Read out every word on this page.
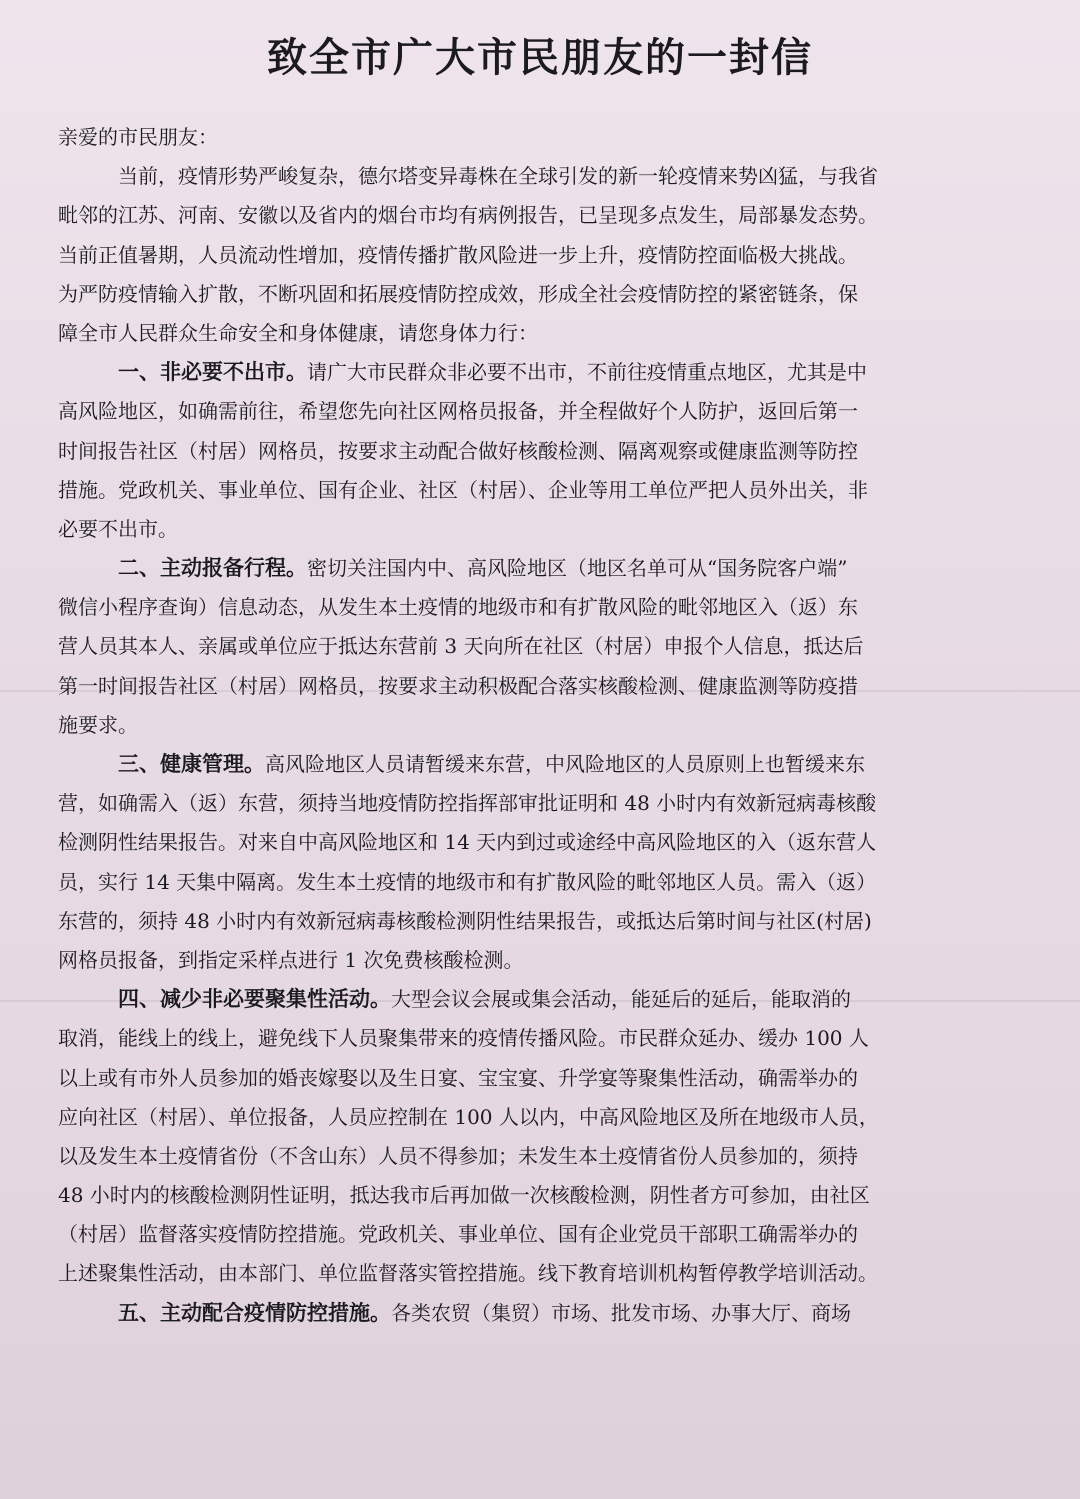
致全市广大市民朋友的一封信
亲爱的市民朋友：
当前，疫情形势严峻复杂，德尔塔变异毒株在全球引发的新一轮疫情来势凶猛，与我省
毗邻的江苏、河南、安徽以及省内的烟台市均有病例报告，已呈现多点发生，局部暴发态势。
当前正值暑期，人员流动性增加，疫情传播扩散风险进一步上升，疫情防控面临极大挑战。
为严防疫情输入扩散，不断巩固和拓展疫情防控成效，形成全社会疫情防控的紧密链条，保
障全市人民群众生命安全和身体健康，请您身体力行：
一、非必要不出市。请广大市民群众非必要不出市，不前往疫情重点地区，尤其是中
高风险地区，如确需前往，希望您先向社区网格员报备，并全程做好个人防护，返回后第一
时间报告社区（村居）网格员，按要求主动配合做好核酸检测、隔离观察或健康监测等防控
措施。党政机关、事业单位、国有企业、社区（村居）、企业等用工单位严把人员外出关，非
必要不出市。
二、主动报备行程。密切关注国内中、高风险地区（地区名单可从“国务院客户端”
微信小程序查询）信息动态，从发生本土疫情的地级市和有扩散风险的毗邻地区入（返）东
营人员其本人、亲属或单位应于抵达东营前 3 天向所在社区（村居）申报个人信息，抵达后
第一时间报告社区（村居）网格员，按要求主动积极配合落实核酸检测、健康监测等防疫措
施要求。
三、健康管理。高风险地区人员请暂缓来东营，中风险地区的人员原则上也暂缓来东
营，如确需入（返）东营，须持当地疫情防控指挥部审批证明和 48 小时内有效新冠病毒核酸
检测阴性结果报告。对来自中高风险地区和 14 天内到过或途经中高风险地区的入（返东营人
员，实行 14 天集中隔离。发生本土疫情的地级市和有扩散风险的毗邻地区人员。需入（返）
东营的，须持 48 小时内有效新冠病毒核酸检测阴性结果报告，或抵达后第时间与社区(村居)
网格员报备，到指定采样点进行 1 次免费核酸检测。
四、减少非必要聚集性活动。大型会议会展或集会活动，能延后的延后，能取消的
取消，能线上的线上，避免线下人员聚集带来的疫情传播风险。市民群众延办、缓办 100 人
以上或有市外人员参加的婚丧嫁娶以及生日宴、宝宝宴、升学宴等聚集性活动，确需举办的
应向社区（村居）、单位报备，人员应控制在 100 人以内，中高风险地区及所在地级市人员，
以及发生本土疫情省份（不含山东）人员不得参加；未发生本土疫情省份人员参加的，须持
48 小时内的核酸检测阴性证明，抵达我市后再加做一次核酸检测，阴性者方可参加，由社区
（村居）监督落实疫情防控措施。党政机关、事业单位、国有企业党员干部职工确需举办的
上述聚集性活动，由本部门、单位监督落实管控措施。线下教育培训机构暂停教学培训活动。
五、主动配合疫情防控措施。各类农贸（集贸）市场、批发市场、办事大厅、商场
